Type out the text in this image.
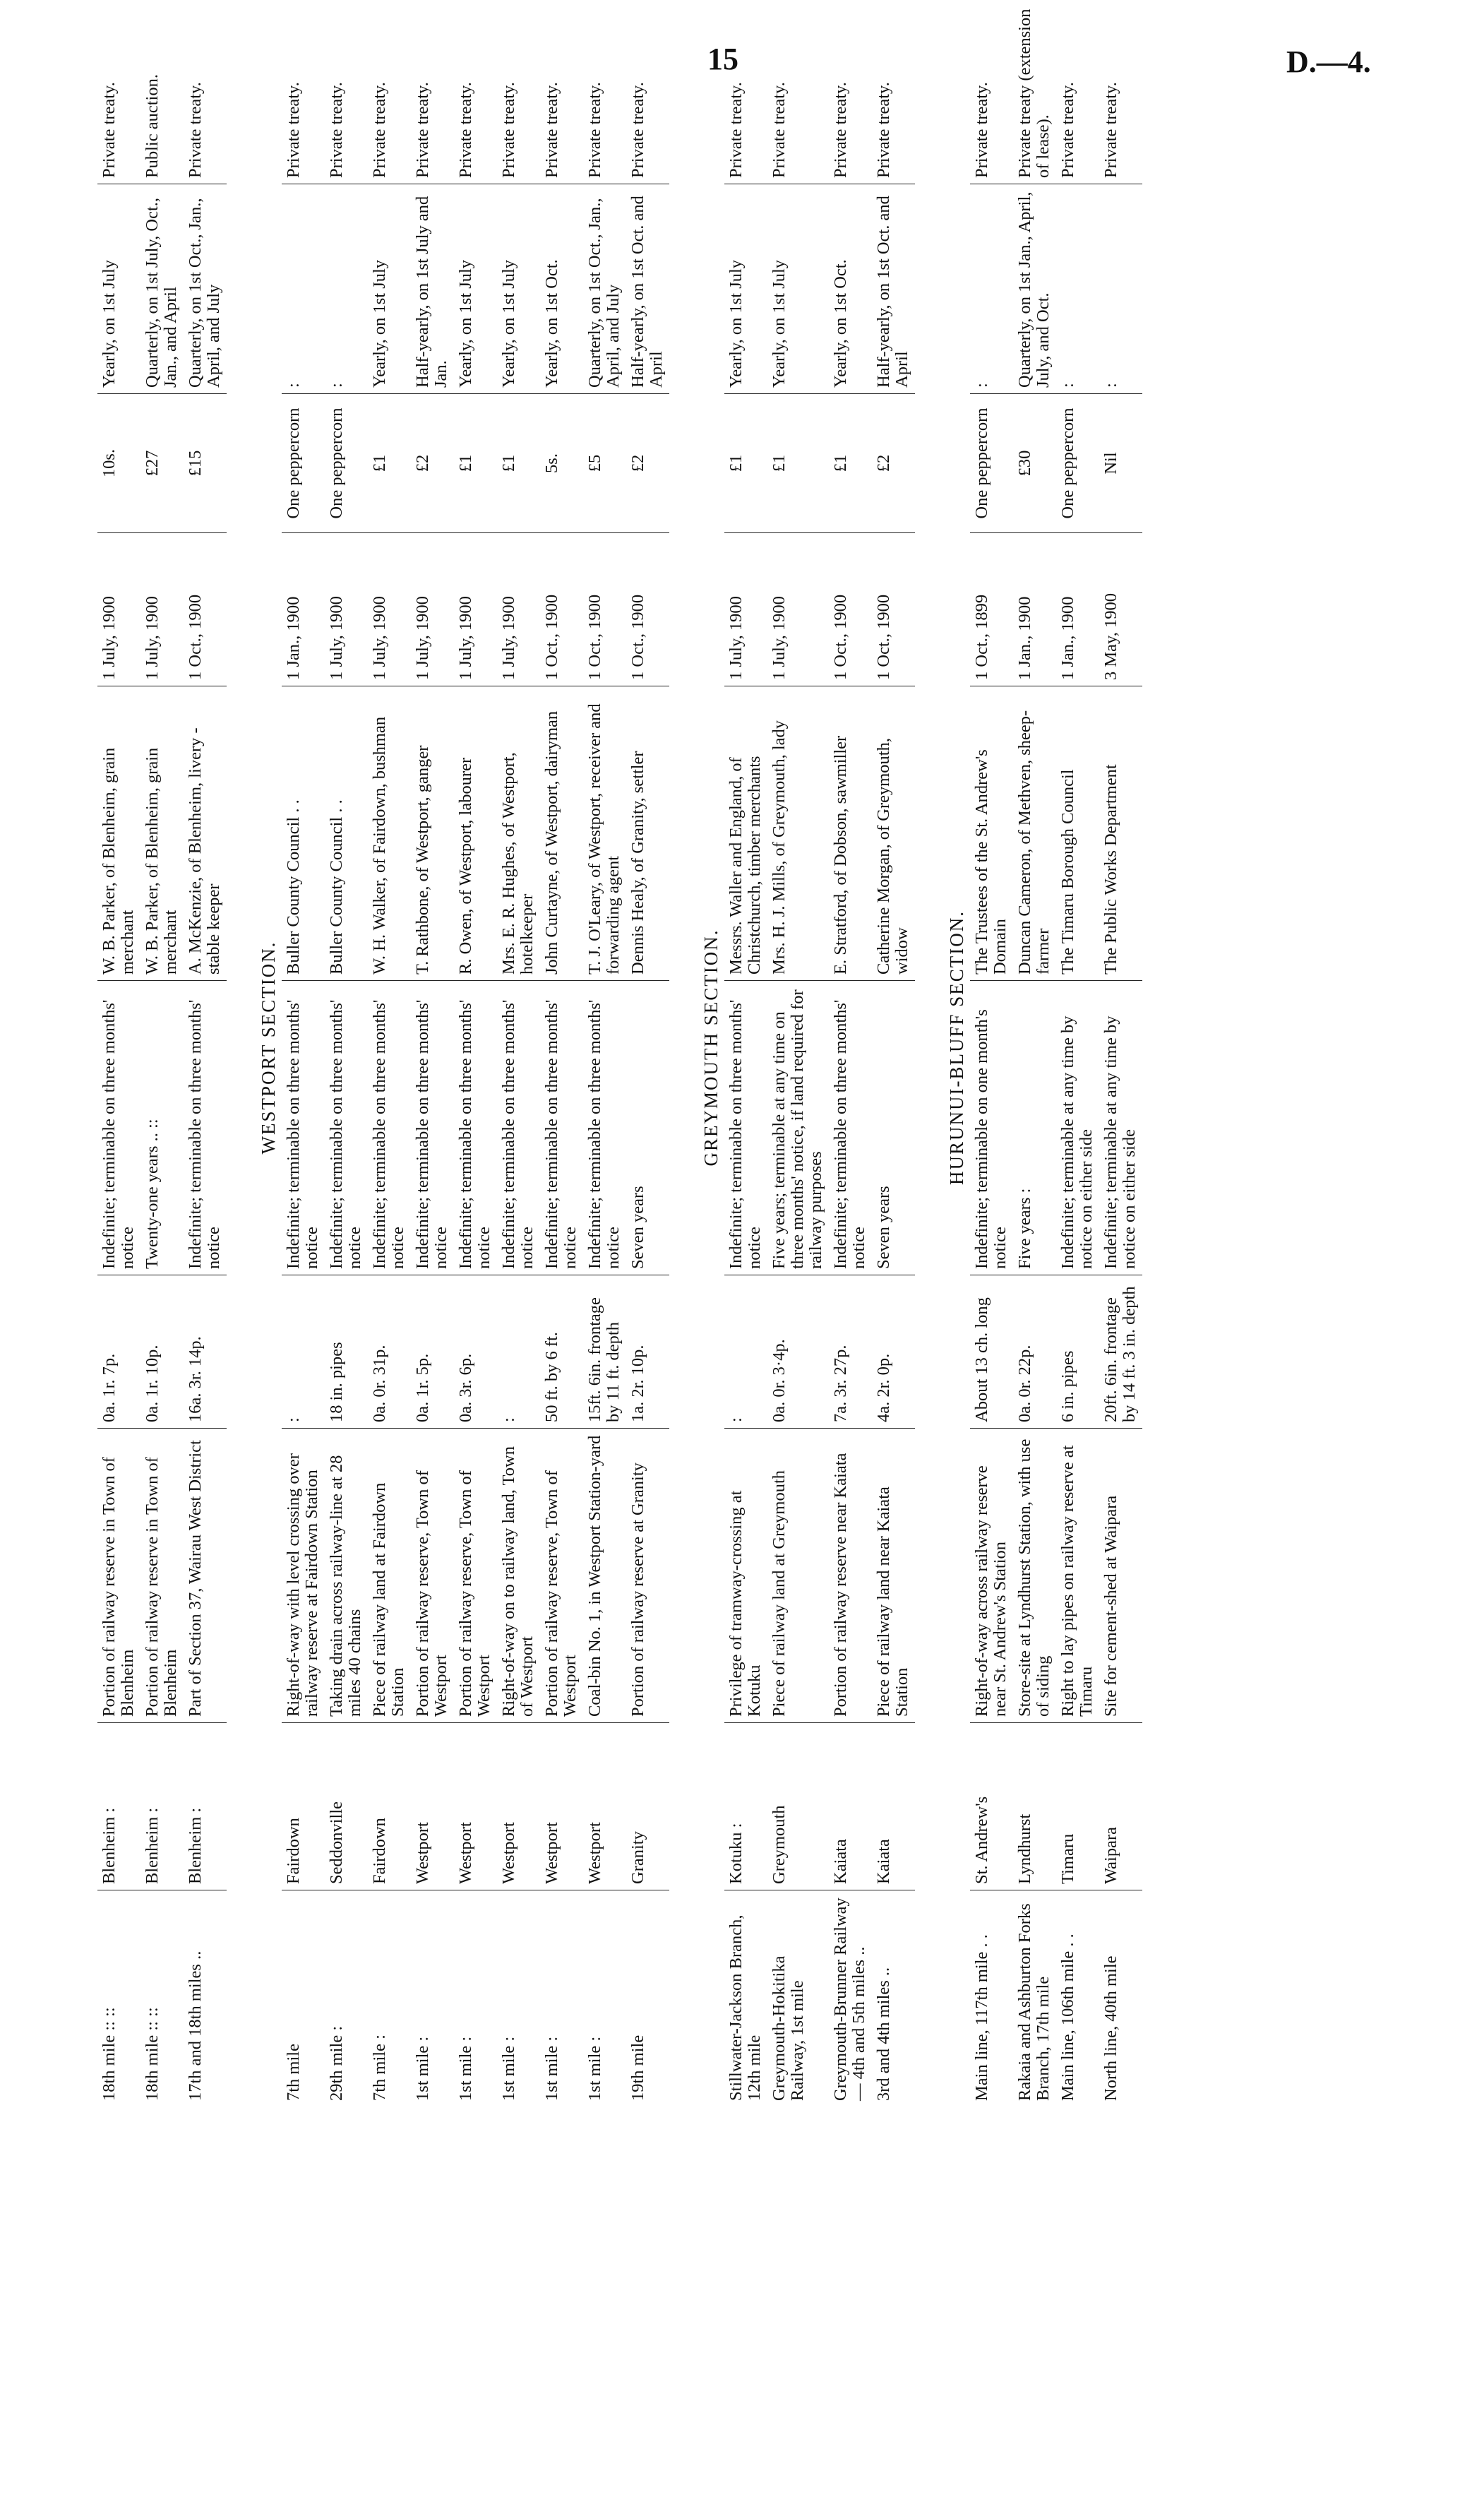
15	D.—4.
18th mile :: ::	Blenheim :	Portion of railway reserve in Town of Blenheim	0a. 1r. 7p.	Indefinite; terminable on three months' notice	W. B. Parker, of Blenheim, grain merchant	1 July, 1900	10s.	Yearly, on 1st July	Private treaty.
18th mile :: ::	Blenheim :	Portion of railway reserve in Town of Blenheim	0a. 1r. 10p.	Twenty-one years .. ::	W. B. Parker, of Blenheim, grain merchant	1 July, 1900	£27	Quarterly, on 1st July, Oct., Jan., and April	Public auction.
17th and 18th miles ..	Blenheim :	Part of Section 37, Wairau West District	16a. 3r. 14p.	Indefinite; terminable on three months' notice	A. McKenzie, of Blenheim, livery - stable keeper	1 Oct., 1900	£15	Quarterly, on 1st Oct., Jan., April, and July	Private treaty.

WESTPORT SECTION.									
7th mile	Fairdown	Right-of-way with level crossing over railway reserve at Fairdown Station	:	Indefinite; terminable on three months' notice	Buller County Council . .	1 Jan., 1900	One peppercorn	:	Private treaty.
29th mile :	Seddonville	Taking drain across railway-line at 28 miles 40 chains	18 in. pipes	Indefinite; terminable on three months' notice	Buller County Council . .	1 July, 1900	One peppercorn	:	Private treaty.
7th mile :	Fairdown	Piece of railway land at Fairdown Station	0a. 0r. 31p.	Indefinite; terminable on three months' notice	W. H. Walker, of Fairdown, bushman	1 July, 1900	£1	Yearly, on 1st July	Private treaty.
1st mile :	Westport	Portion of railway reserve, Town of Westport	0a. 1r. 5p.	Indefinite; terminable on three months' notice	T. Rathbone, of Westport, ganger	1 July, 1900	£2	Half-yearly, on 1st July and Jan.	Private treaty.
1st mile :	Westport	Portion of railway reserve, Town of Westport	0a. 3r. 6p.	Indefinite; terminable on three months' notice	R. Owen, of Westport, labourer	1 July, 1900	£1	Yearly, on 1st July	Private treaty.
1st mile :	Westport	Right-of-way on to railway land, Town of Westport	:	Indefinite; terminable on three months' notice	Mrs. E. R. Hughes, of Westport, hotelkeeper	1 July, 1900	£1	Yearly, on 1st July	Private treaty.
1st mile :	Westport	Portion of railway reserve, Town of Westport	50 ft. by 6 ft.	Indefinite; terminable on three months' notice	John Curtayne, of Westport, dairyman	1 Oct., 1900	5s.	Yearly, on 1st Oct.	Private treaty.
1st mile :	Westport	Coal-bin No. 1, in Westport Station-yard	15ft. 6in. frontage by 11 ft. depth	Indefinite; terminable on three months' notice	T. J. O'Leary, of Westport, receiver and forwarding agent	1 Oct., 1900	£5	Quarterly, on 1st Oct., Jan., April, and July	Private treaty.
19th mile	Granity	Portion of railway reserve at Granity	1a. 2r. 10p.	Seven years	Dennis Healy, of Granity, settler	1 Oct., 1900	£2	Half-yearly, on 1st Oct. and April	Private treaty.

GREYMOUTH SECTION.									
Stillwater-Jackson Branch, 12th mile	Kotuku :	Privilege of tramway-crossing at Kotuku	:	Indefinite; terminable on three months' notice	Messrs. Waller and England, of Christchurch, timber merchants	1 July, 1900	£1	Yearly, on 1st July	Private treaty.
Greymouth-Hokitika Railway, 1st mile	Greymouth	Piece of railway land at Greymouth	0a. 0r. 3·4p.	Five years; terminable at any time on three months' notice, if land required for railway purposes	Mrs. H. J. Mills, of Greymouth, lady	1 July, 1900	£1	Yearly, on 1st July	Private treaty.
Greymouth-Brunner Railway— 4th and 5th miles ..	Kaiata	Portion of railway reserve near Kaiata	7a. 3r. 27p.	Indefinite; terminable on three months' notice	E. Stratford, of Dobson, sawmiller	1 Oct., 1900	£1	Yearly, on 1st Oct.	Private treaty.
3rd and 4th miles ..	Kaiata	Piece of railway land near Kaiata Station	4a. 2r. 0p.	Seven years	Catherine Morgan, of Greymouth, widow	1 Oct., 1900	£2	Half-yearly, on 1st Oct. and April	Private treaty.

HURUNUI-BLUFF SECTION.									
Main line, 117th mile . .	St. Andrew's	Right-of-way across railway reserve near St. Andrew's Station	About 13 ch. long	Indefinite; terminable on one month's notice	The Trustees of the St. Andrew's Domain	1 Oct., 1899	One peppercorn	:	Private treaty.
Rakaia and Ashburton Forks Branch, 17th mile	Lyndhurst	Store-site at Lyndhurst Station, with use of siding	0a. 0r. 22p.	Five years :	Duncan Cameron, of Methven, sheep-farmer	1 Jan., 1900	£30	Quarterly, on 1st Jan., April, July, and Oct.	Private treaty (extension of lease).
Main line, 106th mile . .	Timaru	Right to lay pipes on railway reserve at Timaru	6 in. pipes	Indefinite; terminable at any time by notice on either side	The Timaru Borough Council	1 Jan., 1900	One peppercorn	:	Private treaty.
North line, 40th mile	Waipara	Site for cement-shed at Waipara	20ft. 6in. frontage by 14 ft. 3 in. depth	Indefinite; terminable at any time by notice on either side	The Public Works Department	3 May, 1900	Nil	:	Private treaty.
